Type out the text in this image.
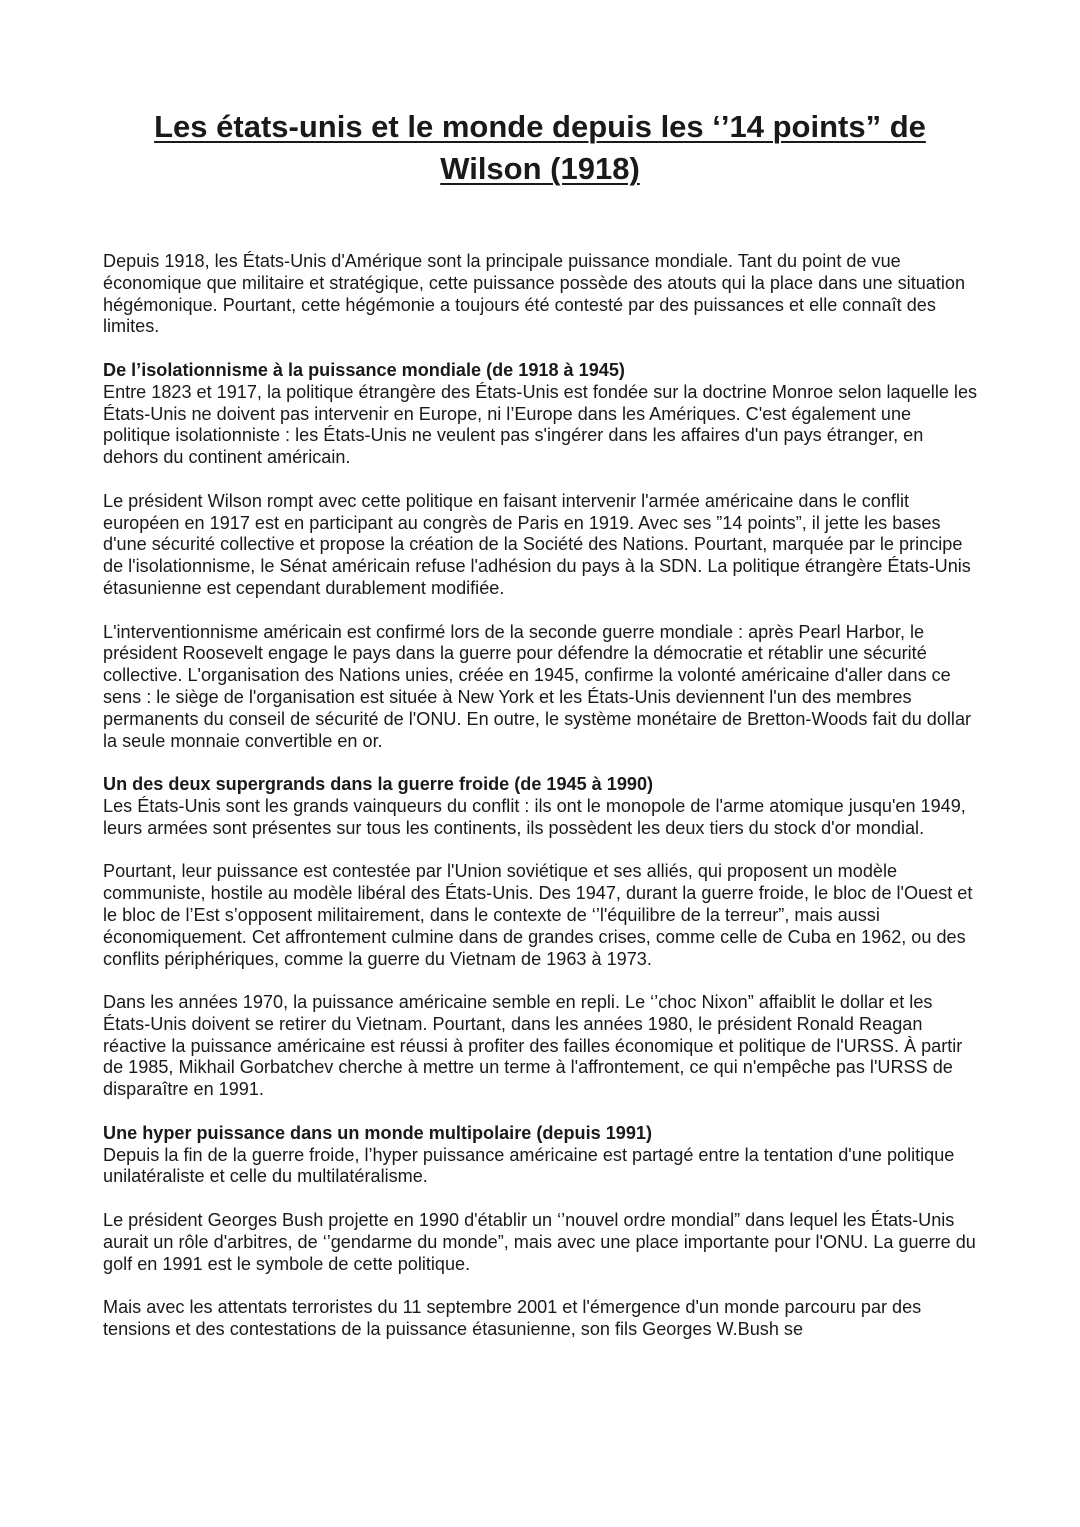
Les états-unis et le monde depuis les ‘’14 points” de Wilson (1918)

Depuis 1918, les États-Unis d'Amérique sont la principale puissance mondiale. Tant du point de vue économique que militaire et stratégique, cette puissance possède des atouts qui la place dans une situation hégémonique. Pourtant, cette hégémonie a toujours été contesté par des puissances et elle connaît des limites.

De l’isolationnisme à la puissance mondiale (de 1918 à 1945)
Entre 1823 et 1917, la politique étrangère des États-Unis est fondée sur la doctrine Monroe selon laquelle les États-Unis ne doivent pas intervenir en Europe, ni l’Europe dans les Amériques. C'est également une politique isolationniste : les États-Unis ne veulent pas s'ingérer dans les affaires d'un pays étranger, en dehors du continent américain.

Le président Wilson rompt avec cette politique en faisant intervenir l'armée américaine dans le conflit européen en 1917 est en participant au congrès de Paris en 1919. Avec ses ”14 points”, il jette les bases d'une sécurité collective et propose la création de la Société des Nations. Pourtant, marquée par le principe de l'isolationnisme, le Sénat américain refuse l'adhésion du pays à la SDN. La politique étrangère États-Unis étasunienne est cependant durablement modifiée.

L'interventionnisme américain est confirmé lors de la seconde guerre mondiale : après Pearl Harbor, le président Roosevelt engage le pays dans la guerre pour défendre la démocratie et rétablir une sécurité collective. L'organisation des Nations unies, créée en 1945, confirme la volonté américaine d'aller dans ce sens : le siège de l'organisation est située à New York et les États-Unis deviennent l'un des membres permanents du conseil de sécurité de l'ONU. En outre, le système monétaire de Bretton-Woods fait du dollar la seule monnaie convertible en or.

Un des deux supergrands dans la guerre froide (de 1945 à 1990)
Les États-Unis sont les grands vainqueurs du conflit : ils ont le monopole de l'arme atomique jusqu'en 1949, leurs armées sont présentes sur tous les continents, ils possèdent les deux tiers du stock d'or mondial.

Pourtant, leur puissance est contestée par l'Union soviétique et ses alliés, qui proposent un modèle communiste, hostile au modèle libéral des États-Unis. Des 1947, durant la guerre froide, le bloc de l'Ouest et le bloc de l’Est s’opposent militairement, dans le contexte de ‘’l'équilibre de la terreur”, mais aussi économiquement. Cet affrontement culmine dans de grandes crises, comme celle de Cuba en 1962, ou des conflits périphériques, comme la guerre du Vietnam de 1963 à 1973.

Dans les années 1970, la puissance américaine semble en repli. Le ‘’choc Nixon” affaiblit le dollar et les États-Unis doivent se retirer du Vietnam. Pourtant, dans les années 1980, le président Ronald Reagan réactive la puissance américaine est réussi à profiter des failles économique et politique de l'URSS. À partir de 1985, Mikhail Gorbatchev cherche à mettre un terme à l'affrontement, ce qui n'empêche pas l'URSS de disparaître en 1991.

Une hyper puissance dans un monde multipolaire (depuis 1991)
Depuis la fin de la guerre froide, l’hyper puissance américaine est partagé entre la tentation d'une politique unilatéraliste et celle du multilatéralisme.

Le président Georges Bush projette en 1990 d'établir un ‘’nouvel ordre mondial” dans lequel les États-Unis aurait un rôle d'arbitres, de ‘’gendarme du monde”, mais avec une place importante pour l'ONU. La guerre du golf en 1991 est le symbole de cette politique.

Mais avec les attentats terroristes du 11 septembre 2001 et l'émergence d'un monde parcouru par des tensions et des contestations de la puissance étasunienne, son fils Georges W.Bush se
